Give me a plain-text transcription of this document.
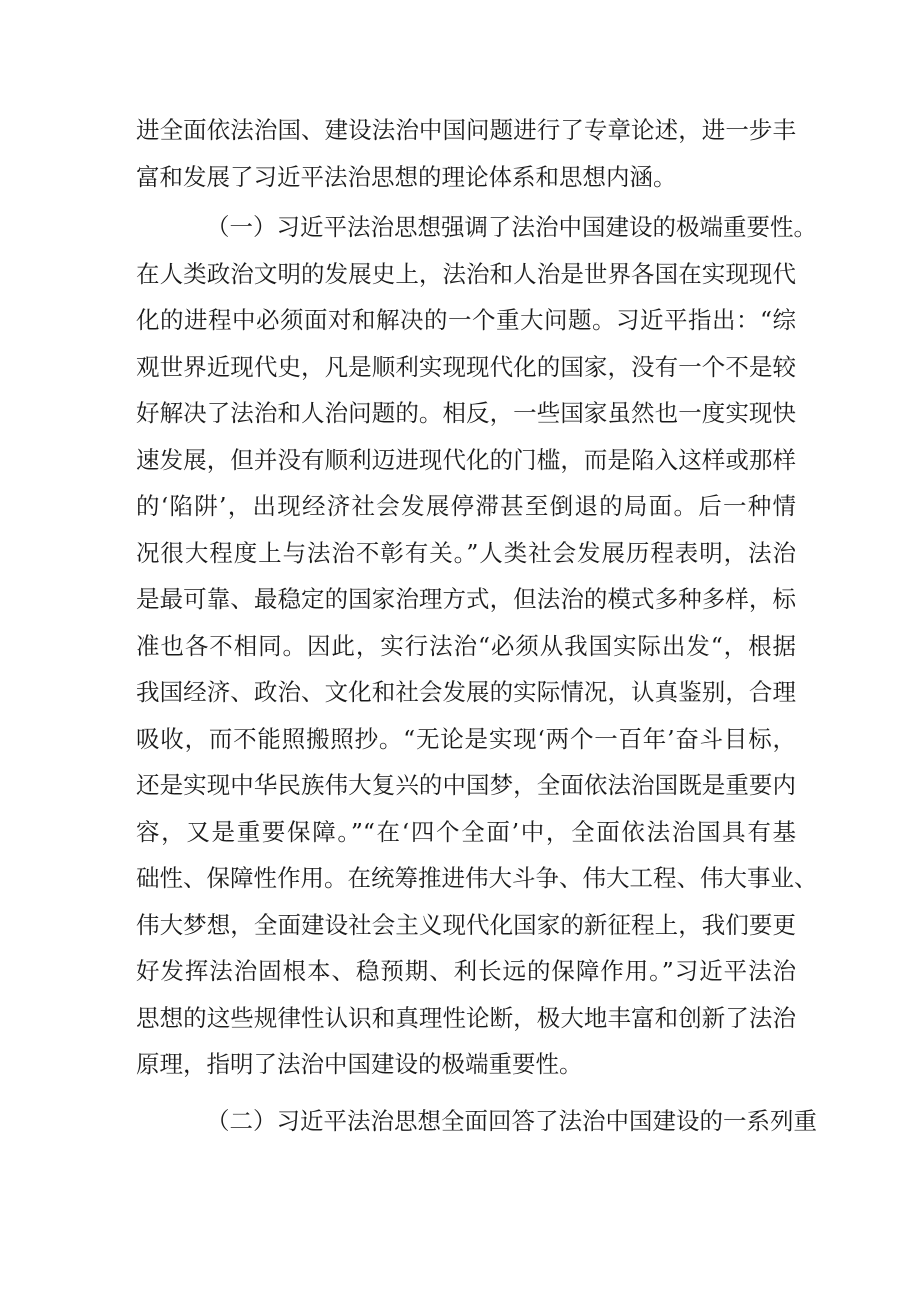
进全面依法治国、建设法治中国问题进行了专章论述，进一步丰
富和发展了习近平法治思想的理论体系和思想内涵。
（一）习近平法治思想强调了法治中国建设的极端重要性。
在人类政治文明的发展史上，法治和人治是世界各国在实现现代
化的进程中必须面对和解决的一个重大问题。习近平指出：“综
观世界近现代史，凡是顺利实现现代化的国家，没有一个不是较
好解决了法治和人治问题的。相反，一些国家虽然也一度实现快
速发展，但并没有顺利迈进现代化的门槛，而是陷入这样或那样
的‘陷阱’，出现经济社会发展停滞甚至倒退的局面。后一种情
况很大程度上与法治不彰有关。”人类社会发展历程表明，法治
是最可靠、最稳定的国家治理方式，但法治的模式多种多样，标
准也各不相同。因此，实行法治“必须从我国实际出发“，根据
我国经济、政治、文化和社会发展的实际情况，认真鉴别，合理
吸收，而不能照搬照抄。“无论是实现‘两个一百年’奋斗目标，
还是实现中华民族伟大复兴的中国梦，全面依法治国既是重要内
容，又是重要保障。”“在‘四个全面’中，全面依法治国具有基
础性、保障性作用。在统筹推进伟大斗争、伟大工程、伟大事业、
伟大梦想，全面建设社会主义现代化国家的新征程上，我们要更
好发挥法治固根本、稳预期、利长远的保障作用。”习近平法治
思想的这些规律性认识和真理性论断，极大地丰富和创新了法治
原理，指明了法治中国建设的极端重要性。
（二）习近平法治思想全面回答了法治中国建设的一系列重
